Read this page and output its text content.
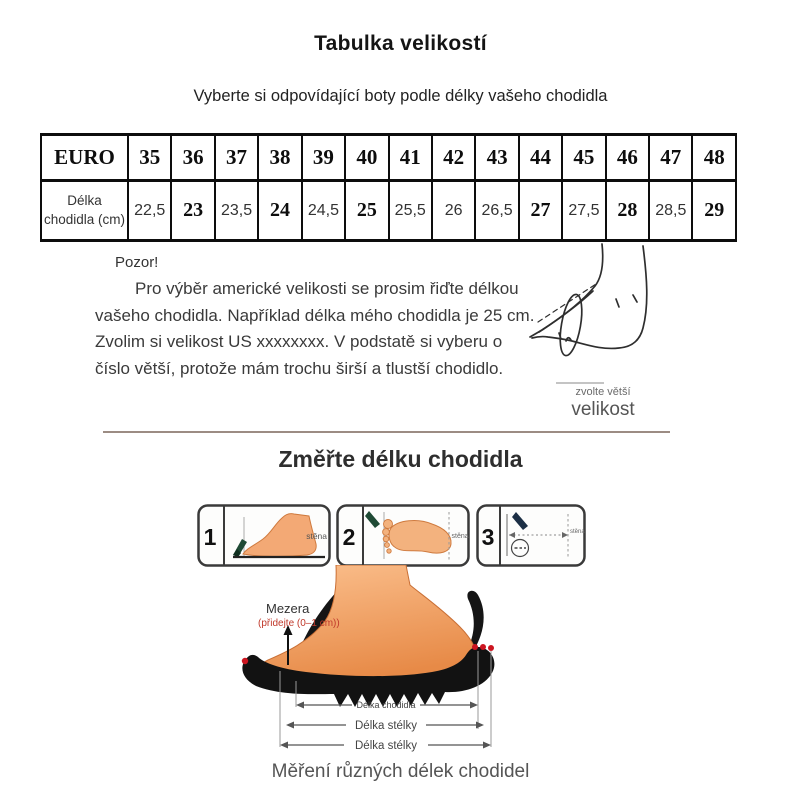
Tabulka velikostí
Vyberte si odpovídající boty podle délky vašeho chodidla
EURO	35	36	37	38	39	40	41	42	43	44	45	46	47	48
Délka chodidla (cm)	22,5	23	23,5	24	24,5	25	25,5	26	26,5	27	27,5	28	28,5	29
Pozor!
Pro výběr americké velikosti se prosim řiďte délkou vašeho chodidla. Například délka mého chodidla je 25 cm. Zvolim si velikost US xxxxxxxx. V podstatě si vyberu o číslo větší, protože mám trochu širší a tlustší chodidlo.
zvolte větší
velikost
Změřte délku chodidla
1	stěna 2	stěna 3	stěna
Mezera
(přidejte (0–1 cm))
Délka chodidla
Délka stélky
Délka stélky
Měření různých délek chodidel
